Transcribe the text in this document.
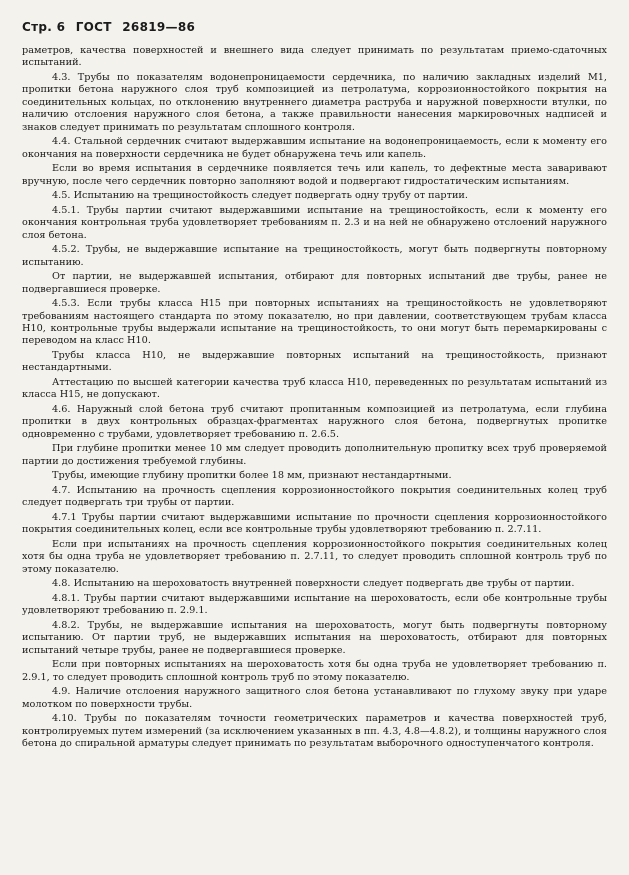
Стр. 6 ГОСТ 26819—86

раметров, качества поверхностей и внешнего вида следует принимать по результатам приемо-сдаточных испытаний.

4.3. Трубы по показателям водонепроницаемости сердечника, по наличию закладных изделий М1, пропитки бетона наружного слоя труб композицией из петролатума, коррозионностойкого покрытия на соединительных кольцах, по отклонению внутреннего диаметра раструба и наружной поверхности втулки, по наличию отслоения наружного слоя бетона, а также правильности нанесения маркировочных надписей и знаков следует принимать по результатам сплошного контроля.

4.4. Стальной сердечник считают выдержавшим испытание на водонепроницаемость, если к моменту его окончания на поверхности сердечника не будет обнаружена течь или капель.

Если во время испытания в сердечнике появляется течь или капель, то дефектные места заваривают вручную, после чего сердечник повторно заполняют водой и подвергают гидростатическим испытаниям.

4.5. Испытанию на трещиностойкость следует подвергать одну трубу от партии.

4.5.1. Трубы партии считают выдержавшими испытание на трещиностойкость, если к моменту его окончания контрольная труба удовлетворяет требованиям п. 2.3 и на ней не обнаружено отслоений наружного слоя бетона.

4.5.2. Трубы, не выдержавшие испытание на трещиностойкость, могут быть подвергнуты повторному испытанию.

От партии, не выдержавшей испытания, отбирают для повторных испытаний две трубы, ранее не подвергавшиеся проверке.

4.5.3. Если трубы класса Н15 при повторных испытаниях на трещиностойкость не удовлетворяют требованиям настоящего стандарта по этому показателю, но при давлении, соответствующем трубам класса Н10, контрольные трубы выдержали испытание на трещиностойкость, то они могут быть перемаркированы с переводом на класс Н10.

Трубы класса Н10, не выдержавшие повторных испытаний на трещиностойкость, признают нестандартными.

Аттестацию по высшей категории качества труб класса Н10, переведенных по результатам испытаний из класса Н15, не допускают.

4.6. Наружный слой бетона труб считают пропитанным композицией из петролатума, если глубина пропитки в двух контрольных образцах-фрагментах наружного слоя бетона, подвергнутых пропитке одновременно с трубами, удовлетворяет требованию п. 2.6.5.

При глубине пропитки менее 10 мм следует проводить дополнительную пропитку всех труб проверяемой партии до достижения требуемой глубины.

Трубы, имеющие глубину пропитки более 18 мм, признают нестандартными.

4.7. Испытанию на прочность сцепления коррозионностойкого покрытия соединительных колец труб следует подвергать три трубы от партии.

4.7.1 Трубы партии считают выдержавшими испытание по прочности сцепления коррозионностойкого покрытия соединительных колец, если все контрольные трубы удовлетворяют требованию п. 2.7.11.

Если при испытаниях на прочность сцепления коррозионностойкого покрытия соединительных колец хотя бы одна труба не удовлетворяет требованию п. 2.7.11, то следует проводить сплошной контроль труб по этому показателю.

4.8. Испытанию на шероховатость внутренней поверхности следует подвергать две трубы от партии.

4.8.1. Трубы партии считают выдержавшими испытание на шероховатость, если обе контрольные трубы удовлетворяют требованию п. 2.9.1.

4.8.2. Трубы, не выдержавшие испытания на шероховатость, могут быть подвергнуты повторному испытанию. От партии труб, не выдержавших испытания на шероховатость, отбирают для повторных испытаний четыре трубы, ранее не подвергавшиеся проверке.

Если при повторных испытаниях на шероховатость хотя бы одна труба не удовлетворяет требованию п. 2.9.1, то следует проводить сплошной контроль труб по этому показателю.

4.9. Наличие отслоения наружного защитного слоя бетона устанавливают по глухому звуку при ударе молотком по поверхности трубы.

4.10. Трубы по показателям точности геометрических параметров и качества поверхностей труб, контролируемых путем измерений (за исключением указанных в пп. 4.3, 4.8—4.8.2), и толщины наружного слоя бетона до спиральной арматуры следует принимать по результатам выборочного одноступенчатого контроля.
